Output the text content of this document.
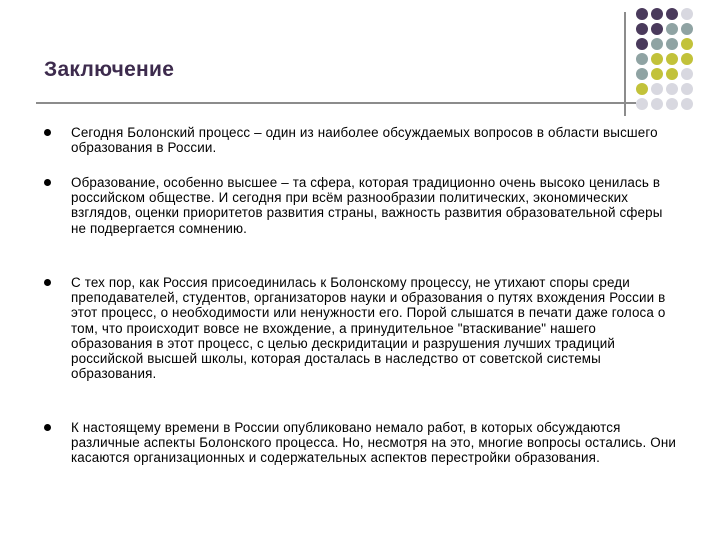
Заключение
Сегодня Болонский процесс – один из наиболее обсуждаемых вопросов в области высшего образования в России.
Образование, особенно высшее – та сфера, которая традиционно очень высоко ценилась в российском обществе. И сегодня при всём разнообразии политических, экономических взглядов, оценки приоритетов развития страны, важность развития образовательной сферы не подвергается сомнению.
С тех пор, как Россия присоединилась к Болонскому процессу, не утихают споры среди преподавателей, студентов, организаторов науки и образования о путях вхождения России в этот процесс, о необходимости или ненужности его. Порой слышатся в печати даже голоса о том, что происходит вовсе не вхождение, а принудительное "втаскивание" нашего образования в этот процесс, с целью дескридитации и разрушения лучших традиций российской высшей школы, которая досталась в наследство от советской системы образования.
К настоящему времени в России опубликовано немало работ, в которых обсуждаются различные аспекты Болонского процесса. Но, несмотря на это, многие вопросы остались. Они касаются организационных и содержательных аспектов перестройки образования.
